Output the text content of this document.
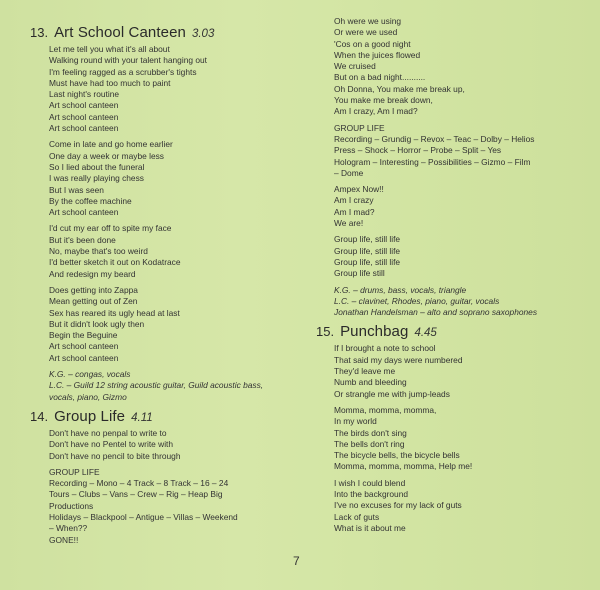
13. Art School Canteen 3.03
Let me tell you what it's all about
Walking round with your talent hanging out
I'm feeling ragged as a scrubber's tights
Must have had too much to paint
Last night's routine
Art school canteen
Art school canteen
Art school canteen
Come in late and go home earlier
One day a week or maybe less
So I lied about the funeral
I was really playing chess
But I was seen
By the coffee machine
Art school canteen
I'd cut my ear off to spite my face
But it's been done
No, maybe that's too weird
I'd better sketch it out on Kodatrace
And redesign my beard
Does getting into Zappa
Mean getting out of Zen
Sex has reared its ugly head at last
But it didn't look ugly then
Begin the Beguine
Art school canteen
Art school canteen
K.G. – congas, vocals
L.C. – Guild 12 string acoustic guitar, Guild acoustic bass,
vocals, piano, Gizmo
14. Group Life 4.11
Don't have no penpal to write to
Don't have no Pentel to write with
Don't have no pencil to bite through
GROUP LIFE
Recording – Mono – 4 Track – 8 Track – 16 – 24
Tours – Clubs – Vans – Crew – Rig – Heap Big
Productions
Holidays – Blackpool – Antigue – Villas – Weekend
– When??
GONE!!
Oh were we using
Or were we used
'Cos on a good night
When the juices flowed
We cruised
But on a bad night..........
Oh Donna, You make me break up,
You make me break down,
Am I crazy, Am I mad?
GROUP LIFE
Recording – Grundig – Revox – Teac – Dolby – Helios
Press – Shock – Horror – Probe – Split – Yes
Hologram – Interesting – Possibilities – Gizmo – Film
– Dome
Ampex Now!!
Am I crazy
Am I mad?
We are!
Group life, still life
Group life, still life
Group life, still life
Group life still
K.G. – drums, bass, vocals, triangle
L.C. – clavinet, Rhodes, piano, guitar, vocals
Jonathan Handelsman – alto and soprano saxophones
15. Punchbag 4.45
If I brought a note to school
That said my days were numbered
They'd leave me
Numb and bleeding
Or strangle me with jump-leads
Momma, momma, momma,
In my world
The birds don't sing
The bells don't ring
The bicycle bells, the bicycle bells
Momma, momma, momma, Help me!
I wish I could blend
Into the background
I've no excuses for my lack of guts
Lack of guts
What is it about me
7
